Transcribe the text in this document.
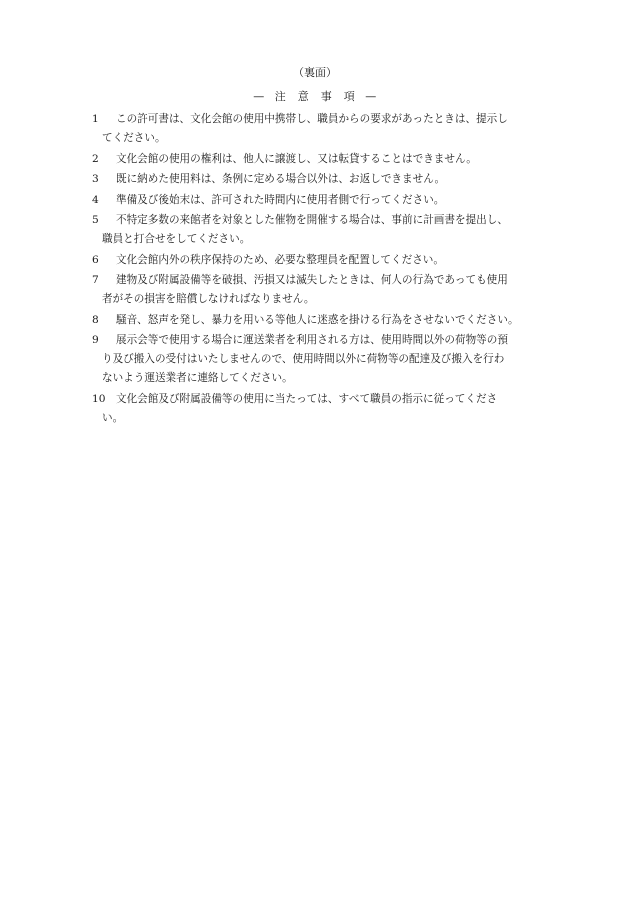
（裏面）
— 注　意　事　項 —
1	この許可書は、文化会館の使用中携帯し、職員からの要求があったときは、提示し
てください。
2	文化会館の使用の権利は、他人に譲渡し、又は転貸することはできません。
3	既に納めた使用料は、条例に定める場合以外は、お返しできません。
4	準備及び後始末は、許可された時間内に使用者側で行ってください。
5	不特定多数の来館者を対象とした催物を開催する場合は、事前に計画書を提出し、
職員と打合せをしてください。
6	文化会館内外の秩序保持のため、必要な整理員を配置してください。
7	建物及び附属設備等を破損、汚損又は滅失したときは、何人の行為であっても使用
者がその損害を賠償しなければなりません。
8	騒音、怒声を発し、暴力を用いる等他人に迷惑を掛ける行為をさせないでください。
9	展示会等で使用する場合に運送業者を利用される方は、使用時間以外の荷物等の預
り及び搬入の受付はいたしませんので、使用時間以外に荷物等の配達及び搬入を行わ
ないよう運送業者に連絡してください。
10 文化会館及び附属設備等の使用に当たっては、すべて職員の指示に従ってくださ
い。
